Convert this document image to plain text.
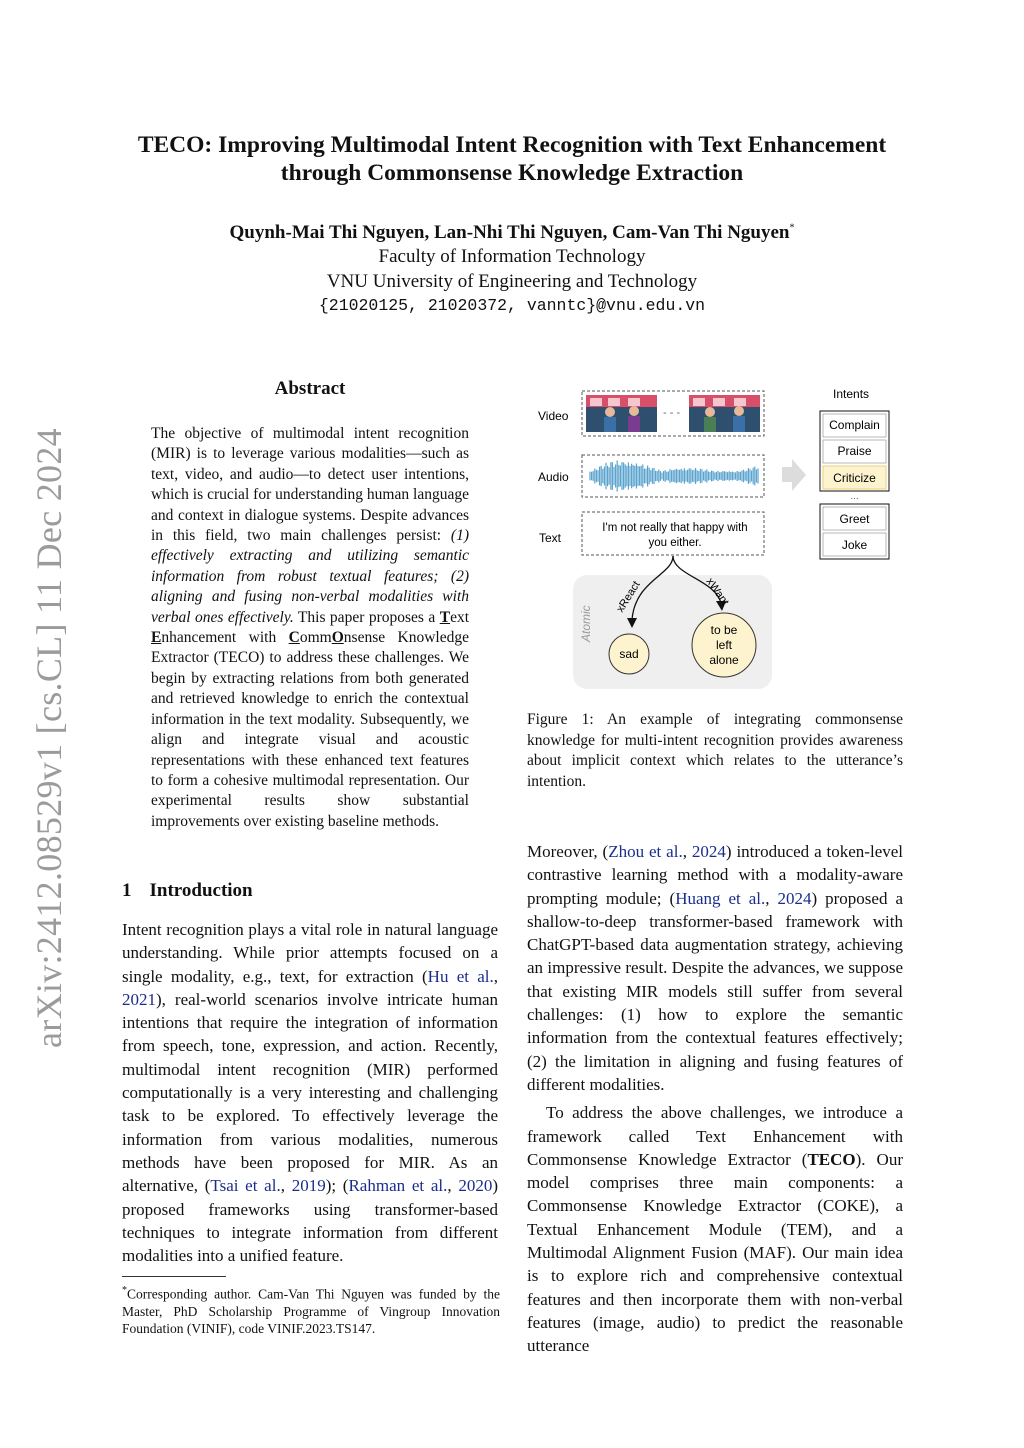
arXiv:2412.08529v1 [cs.CL] 11 Dec 2024
TECO: Improving Multimodal Intent Recognition with Text Enhancement
through Commonsense Knowledge Extraction
Quynh-Mai Thi Nguyen, Lan-Nhi Thi Nguyen, Cam-Van Thi Nguyen*
Faculty of Information Technology
VNU University of Engineering and Technology
{21020125, 21020372, vanntc}@vnu.edu.vn
Abstract
The objective of multimodal intent recognition (MIR) is to leverage various modalities—such as text, video, and audio—to detect user intentions, which is crucial for understanding human language and context in dialogue systems. Despite advances in this field, two main challenges persist: (1) effectively extracting and utilizing semantic information from robust textual features; (2) aligning and fusing non-verbal modalities with verbal ones effectively. This paper proposes a Text Enhancement with CommOnsense Knowledge Extractor (TECO) to address these challenges. We begin by extracting relations from both generated and retrieved knowledge to enrich the contextual information in the text modality. Subsequently, we align and integrate visual and acoustic representations with these enhanced text features to form a cohesive multimodal representation. Our experimental results show substantial improvements over existing baseline methods.
1 Introduction
Intent recognition plays a vital role in natural language understanding. While prior attempts focused on a single modality, e.g., text, for extraction (Hu et al., 2021), real-world scenarios involve intricate human intentions that require the integration of information from speech, tone, expression, and action. Recently, multimodal intent recognition (MIR) performed computationally is a very interesting and challenging task to be explored. To effectively leverage the information from various modalities, numerous methods have been proposed for MIR. As an alternative, (Tsai et al., 2019); (Rahman et al., 2020) proposed frameworks using transformer-based techniques to integrate information from different modalities into a unified feature.
*Corresponding author. Cam-Van Thi Nguyen was funded by the Master, PhD Scholarship Programme of Vingroup Innovation Foundation (VINIF), code VINIF.2023.TS147.
Video
Audio
Text
- - -
I'm not really that happy with
you either.
Atomic
xReact	xWant
sad
to be
left
alone
Intents
Complain
Praise
Criticize
...
Greet
Joke
Figure 1: An example of integrating commonsense knowledge for multi-intent recognition provides awareness about implicit context which relates to the utterance’s intention.

Moreover, (Zhou et al., 2024) introduced a token-level contrastive learning method with a modality-aware prompting module; (Huang et al., 2024) proposed a shallow-to-deep transformer-based framework with ChatGPT-based data augmentation strategy, achieving an impressive result. Despite the advances, we suppose that existing MIR models still suffer from several challenges: (1) how to explore the semantic information from the contextual features effectively; (2) the limitation in aligning and fusing features of different modalities.

To address the above challenges, we introduce a framework called Text Enhancement with Commonsense Knowledge Extractor (TECO). Our model comprises three main components: a Commonsense Knowledge Extractor (COKE), a Textual Enhancement Module (TEM), and a Multimodal Alignment Fusion (MAF). Our main idea is to explore rich and comprehensive contextual features and then incorporate them with non-verbal features (image, audio) to predict the reasonable utterance
